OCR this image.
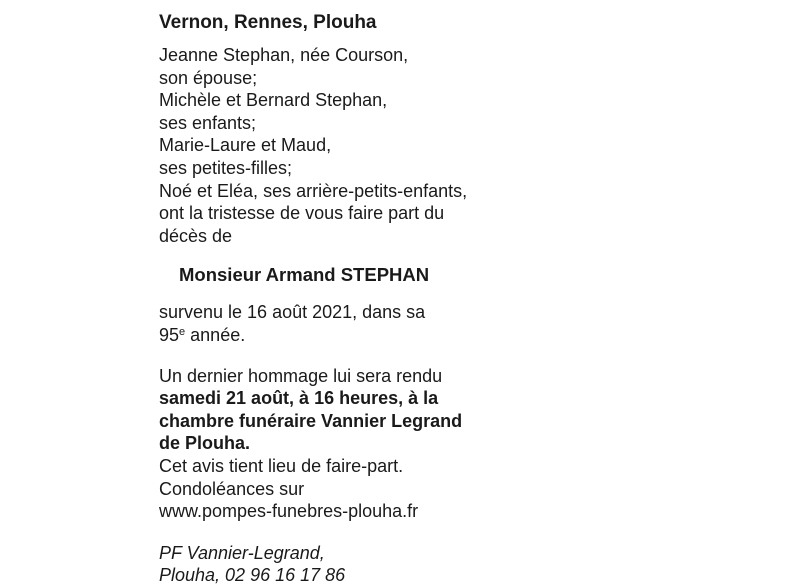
Vernon, Rennes, Plouha

Jeanne Stephan, née Courson,

son épouse;

Michèle et Bernard Stephan,

ses enfants;

Marie-Laure et Maud,

ses petites-filles;

Noé et Eléa, ses arrière-petits-enfants,

ont la tristesse de vous faire part du

décès de

Monsieur Armand STEPHAN

survenu le 16 août 2021, dans sa

95e année.

Un dernier hommage lui sera rendu

samedi 21 août, à 16 heures, à la

chambre funéraire Vannier Legrand

de Plouha.

Cet avis tient lieu de faire-part.

Condoléances sur

www.pompes-funebres-plouha.fr

PF Vannier-Legrand,

Plouha, 02 96 16 17 86
